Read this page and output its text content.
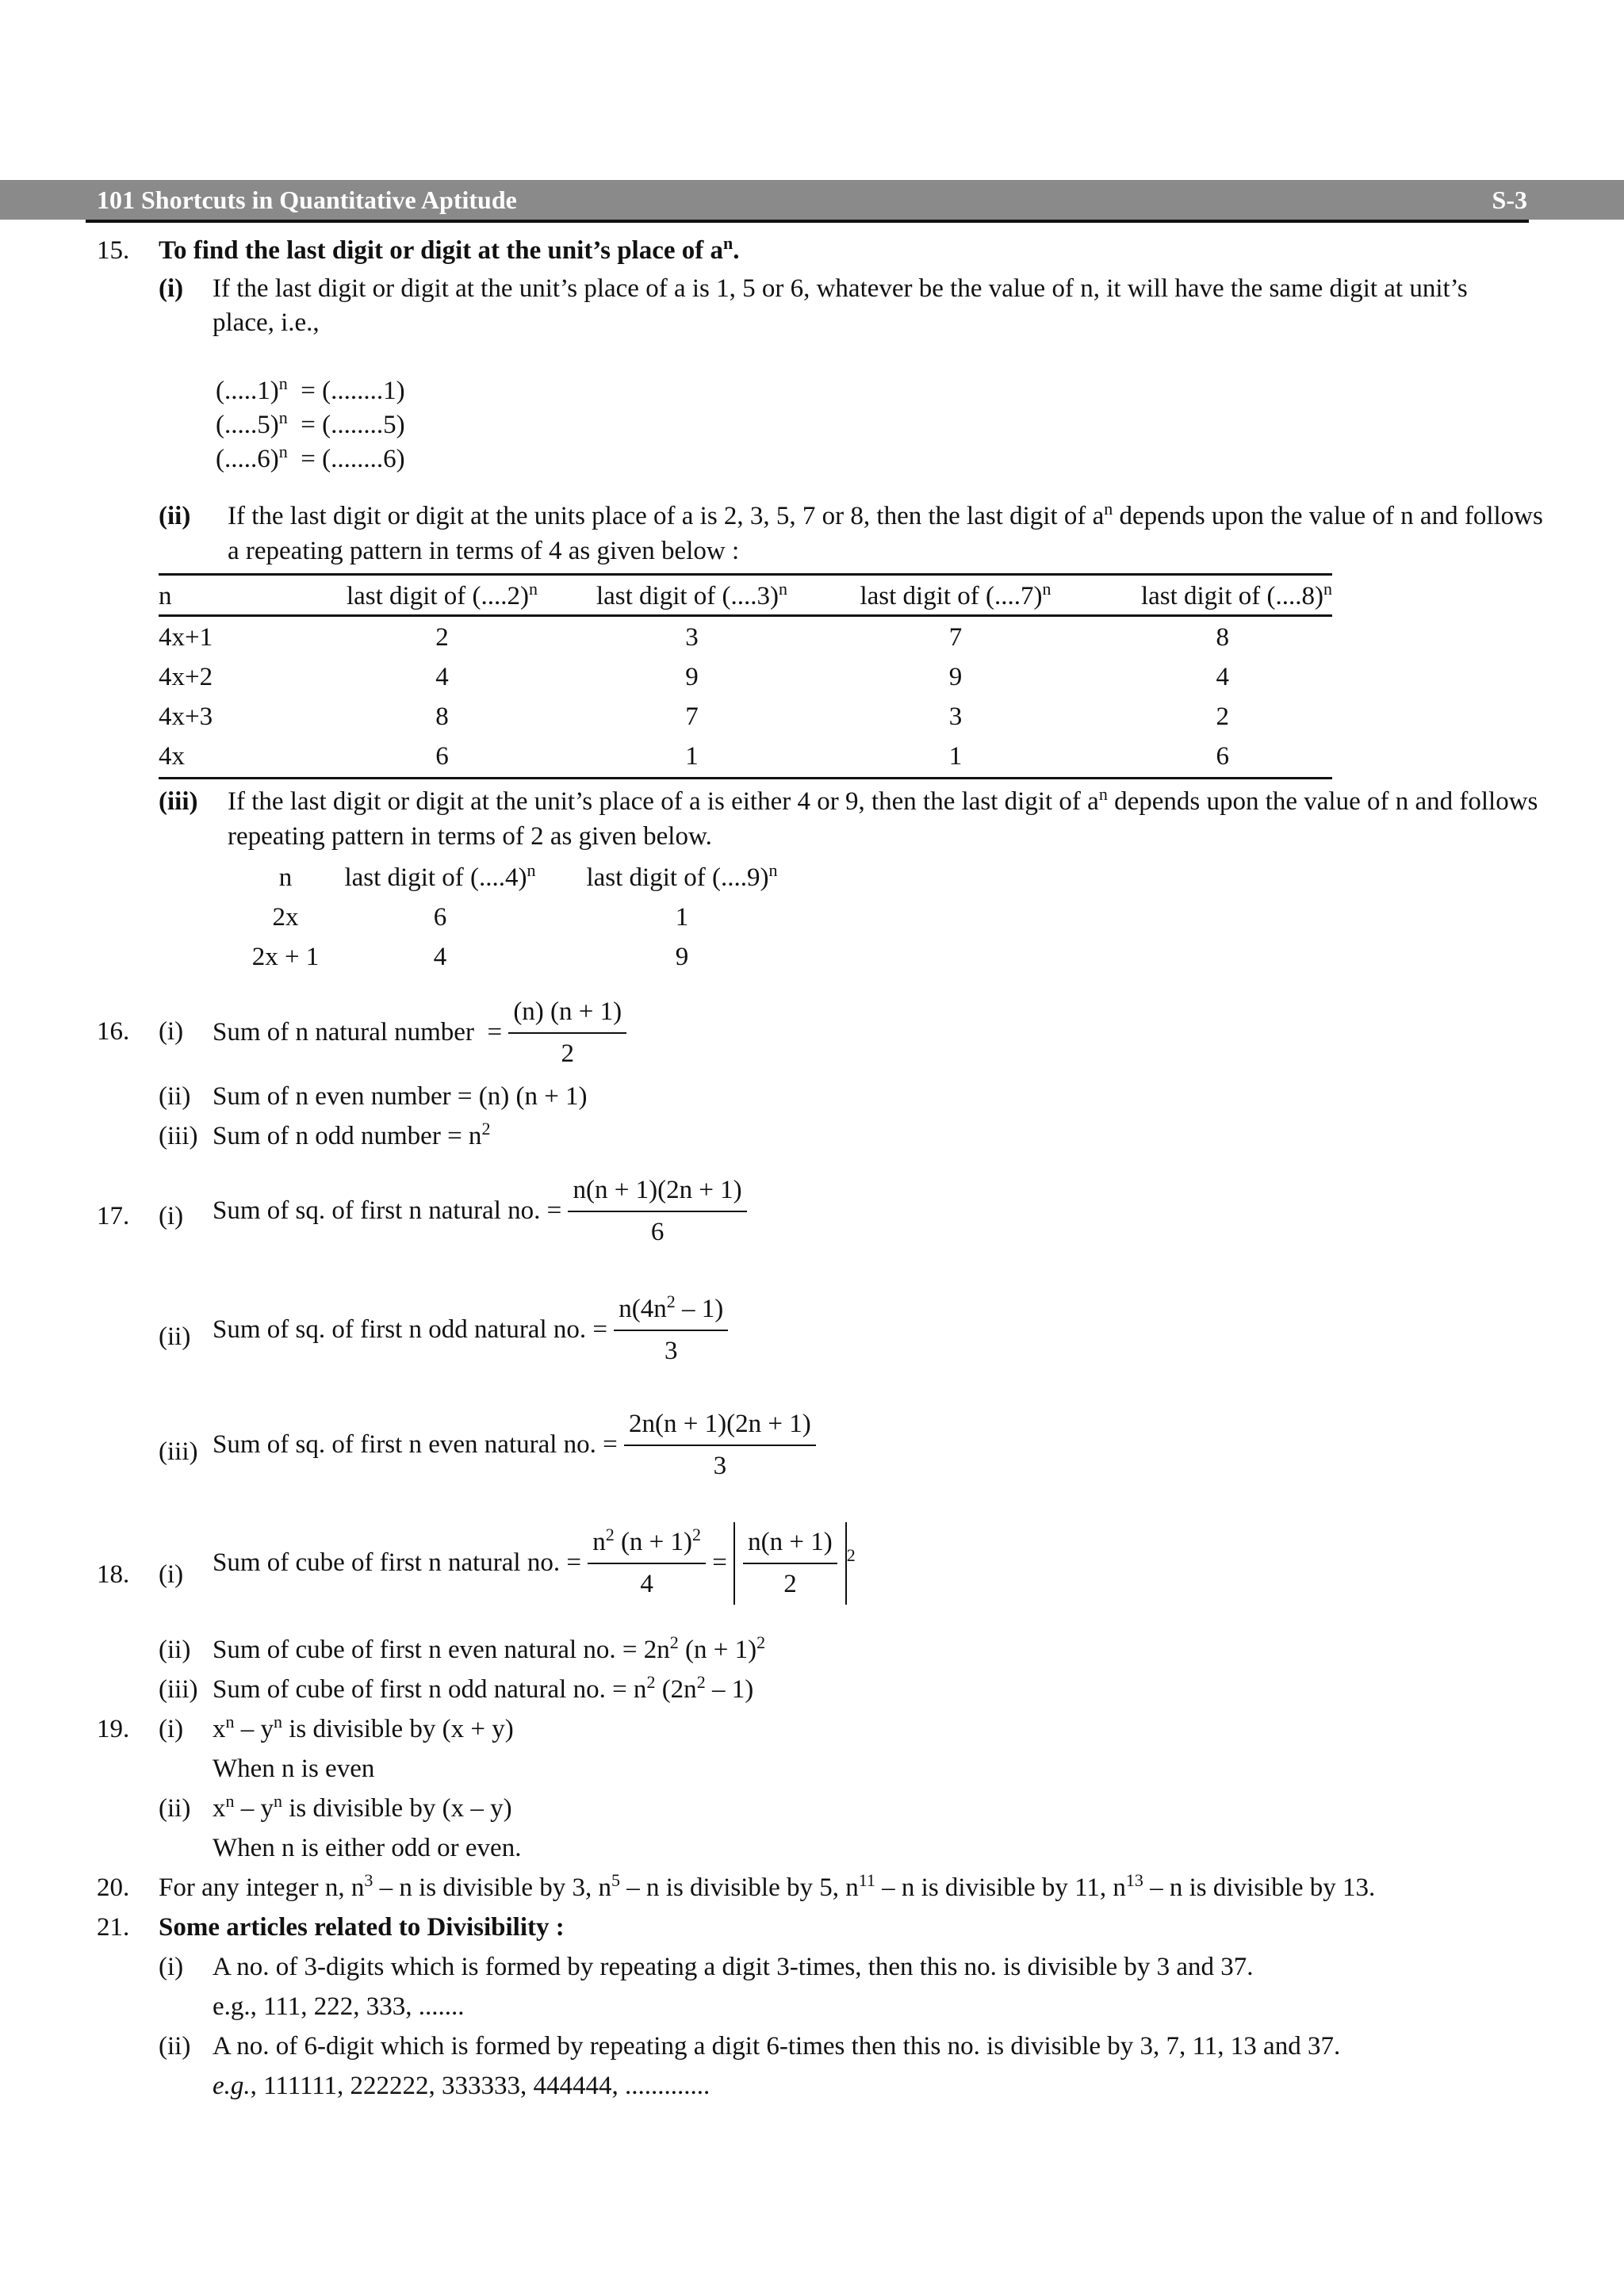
101 Shortcuts in Quantitative Aptitude	S-3
15. To find the last digit or digit at the unit’s place of $a^n$.
(i) If the last digit or digit at the unit’s place of a is 1, 5 or 6, whatever be the value of n, it will have the same digit at unit’s place, i.e.,
$(.....1)^n = (........1)$
$(.....5)^n = (........5)$
$(.....6)^n = (........6)$
(ii) If the last digit or digit at the units place of a is 2, 3, 5, 7 or 8, then the last digit of $a^n$ depends upon the value of n and follows
a repeating pattern in terms of 4 as given below :
n	last digit of $(....2)^n$	last digit of $(....3)^n$	last digit of $(....7)^n$	last digit of $(....8)^n$

4x+1	2	3	7	8
4x+2	4	9	9	4
4x+3	8	7	3	2
4x	6	1	1	6
(iii) If the last digit or digit at the unit’s place of a is either 4 or 9, then the last digit of $a^n$ depends upon the value of n and follows
repeating pattern in terms of 2 as given below.
n	last digit of $(....4)^n$	last digit of $(....9)^n$
2x	6	1
2x + 1	4	9
16. (i) Sum of n natural number = $\frac{(n) (n + 1)}{2}$
(ii) Sum of n even number = (n) (n + 1)
(iii) Sum of n odd number = $n^2$
17. (i) Sum of sq. of first n natural no. =
$\frac{n(n + 1)(2n + 1)}{6}$
(ii) Sum of sq. of first n odd natural no. =
$\frac{n(4n^2 - 1)}{3}$
(iii) Sum of sq. of first n even natural no. =
$\frac{2n(n + 1)(2n + 1)}{3}$
18. (i) Sum of cube of first n natural no. =
$\frac{n^2 (n + 1)^2}{4} = \frac{n(n + 1)}{2} ^2$
(ii) Sum of cube of first n even natural no. = $2n^2$ $(n + 1)^2$
(iii) Sum of cube of first n odd natural no. = $n^2$ $(2n^2 - 1)$
19. (i) $x^n - y^n$ is divisible by (x + y)
When n is even
(ii) $x^n - y^n$ is divisible by (x – y)
When n is either odd or even.
20. For any integer n, $n^3$ – n is divisible by 3, $n^5$ – n is divisible by 5, $n^{11}$ – n is divisible by 11, $n^{13}$ – n is divisible by 13.
21. Some articles related to Divisibility :
(i) A no. of 3-digits which is formed by repeating a digit 3-times, then this no. is divisible by 3 and 37.
e.g., 111, 222, 333, .......
(ii) A no. of 6-digit which is formed by repeating a digit 6-times then this no. is divisible by 3, 7, 11, 13 and 37.
e.g., 111111, 222222, 333333, 444444, .............
